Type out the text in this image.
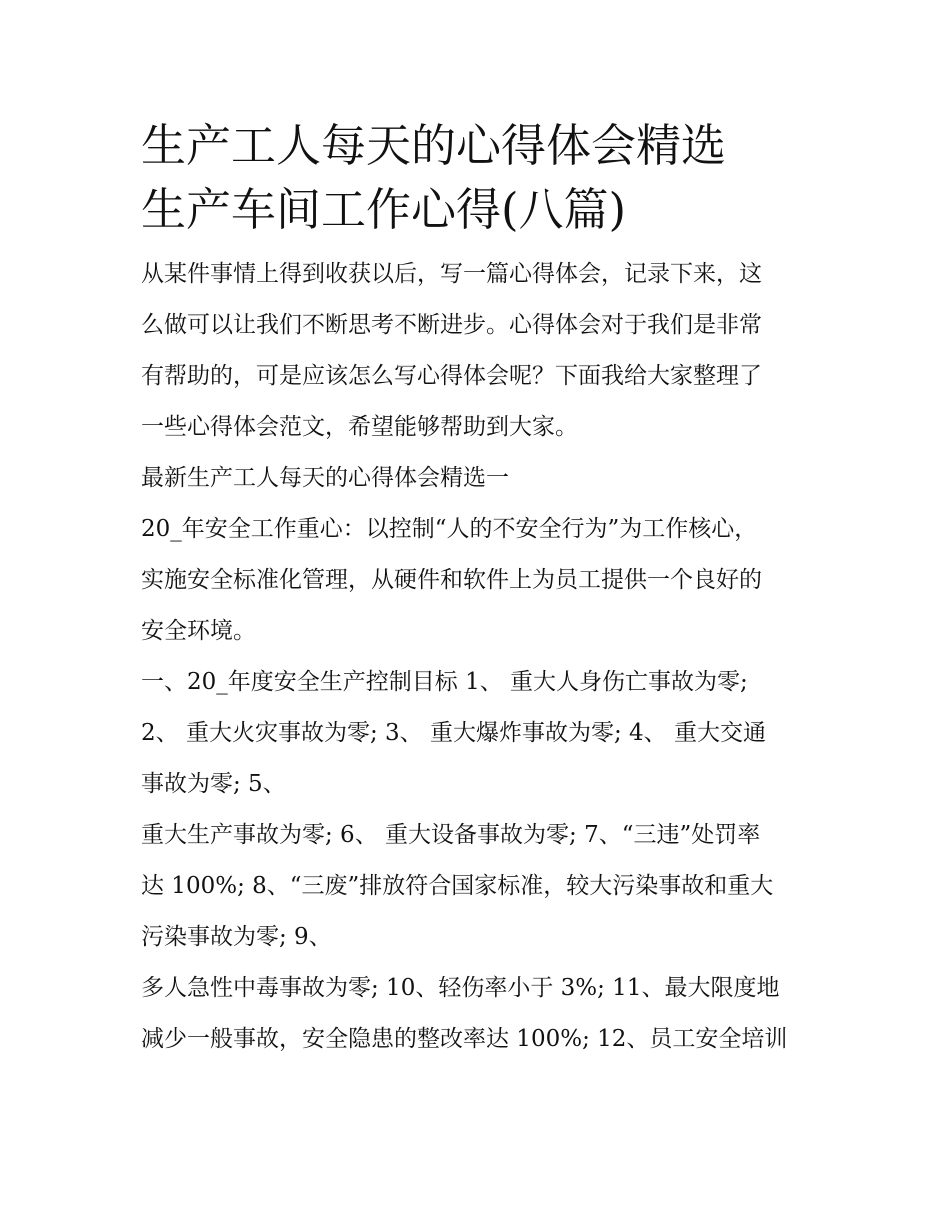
生产工人每天的心得体会精选
生产车间工作心得(八篇)
从某件事情上得到收获以后，写一篇心得体会，记录下来，这
么做可以让我们不断思考不断进步。心得体会对于我们是非常
有帮助的，可是应该怎么写心得体会呢？下面我给大家整理了
一些心得体会范文，希望能够帮助到大家。
最新生产工人每天的心得体会精选一
20_年安全工作重心：以控制“人的不安全行为”为工作核心，
实施安全标准化管理，从硬件和软件上为员工提供一个良好的
安全环境。
一、20_年度安全生产控制目标 1、 重大人身伤亡事故为零;
2、 重大火灾事故为零; 3、 重大爆炸事故为零; 4、 重大交通
事故为零; 5、
重大生产事故为零; 6、 重大设备事故为零; 7、“三违”处罚率
达 100%; 8、“三废”排放符合国家标准，较大污染事故和重大
污染事故为零; 9、
多人急性中毒事故为零; 10、轻伤率小于 3%; 11、最大限度地
减少一般事故，安全隐患的整改率达 100%; 12、员工安全培训
